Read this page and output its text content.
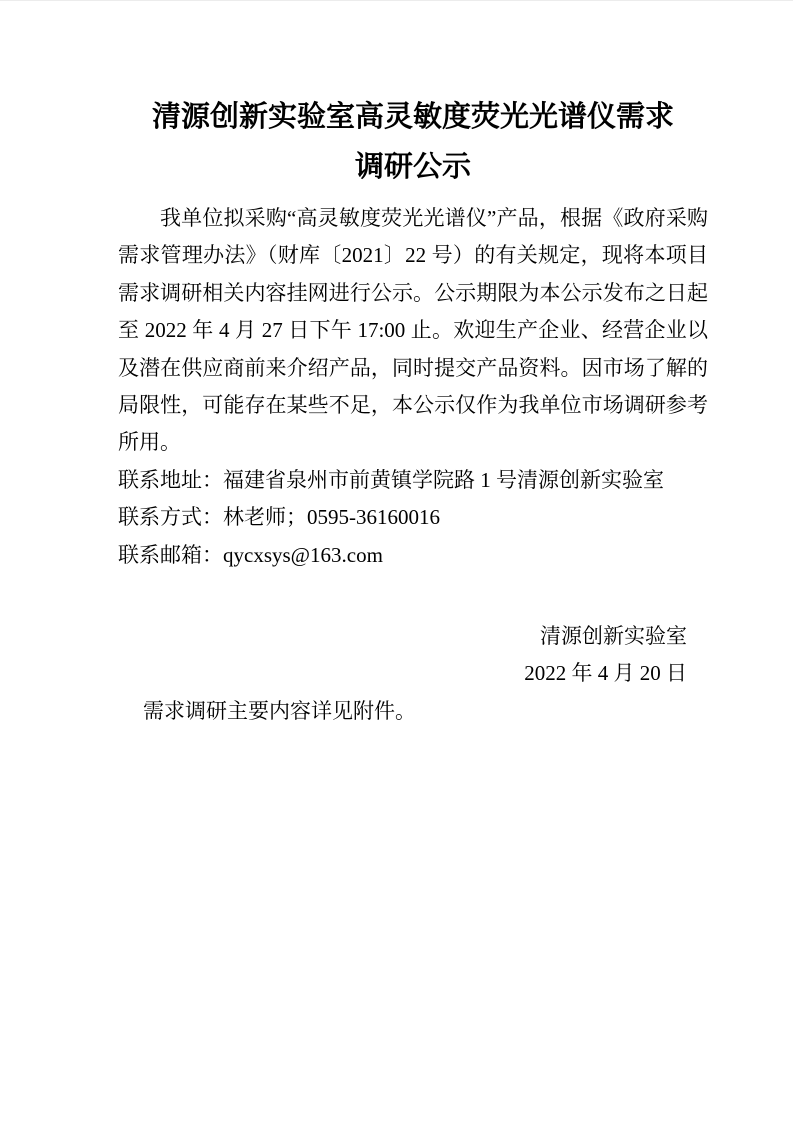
清源创新实验室高灵敏度荧光光谱仪需求
调研公示

我单位拟采购“高灵敏度荧光光谱仪”产品，根据《政府采购需求管理办法》（财库〔2021〕22 号）的有关规定，现将本项目需求调研相关内容挂网进行公示。公示期限为本公示发布之日起至 2022 年 4 月 27 日下午 17:00 止。欢迎生产企业、经营企业以及潜在供应商前来介绍产品，同时提交产品资料。因市场了解的局限性，可能存在某些不足，本公示仅作为我单位市场调研参考所用。

联系地址：福建省泉州市前黄镇学院路 1 号清源创新实验室
联系方式：林老师；0595-36160016
联系邮箱：qycxsys@163.com
清源创新实验室
2022 年 4 月 20 日

需求调研主要内容详见附件。
